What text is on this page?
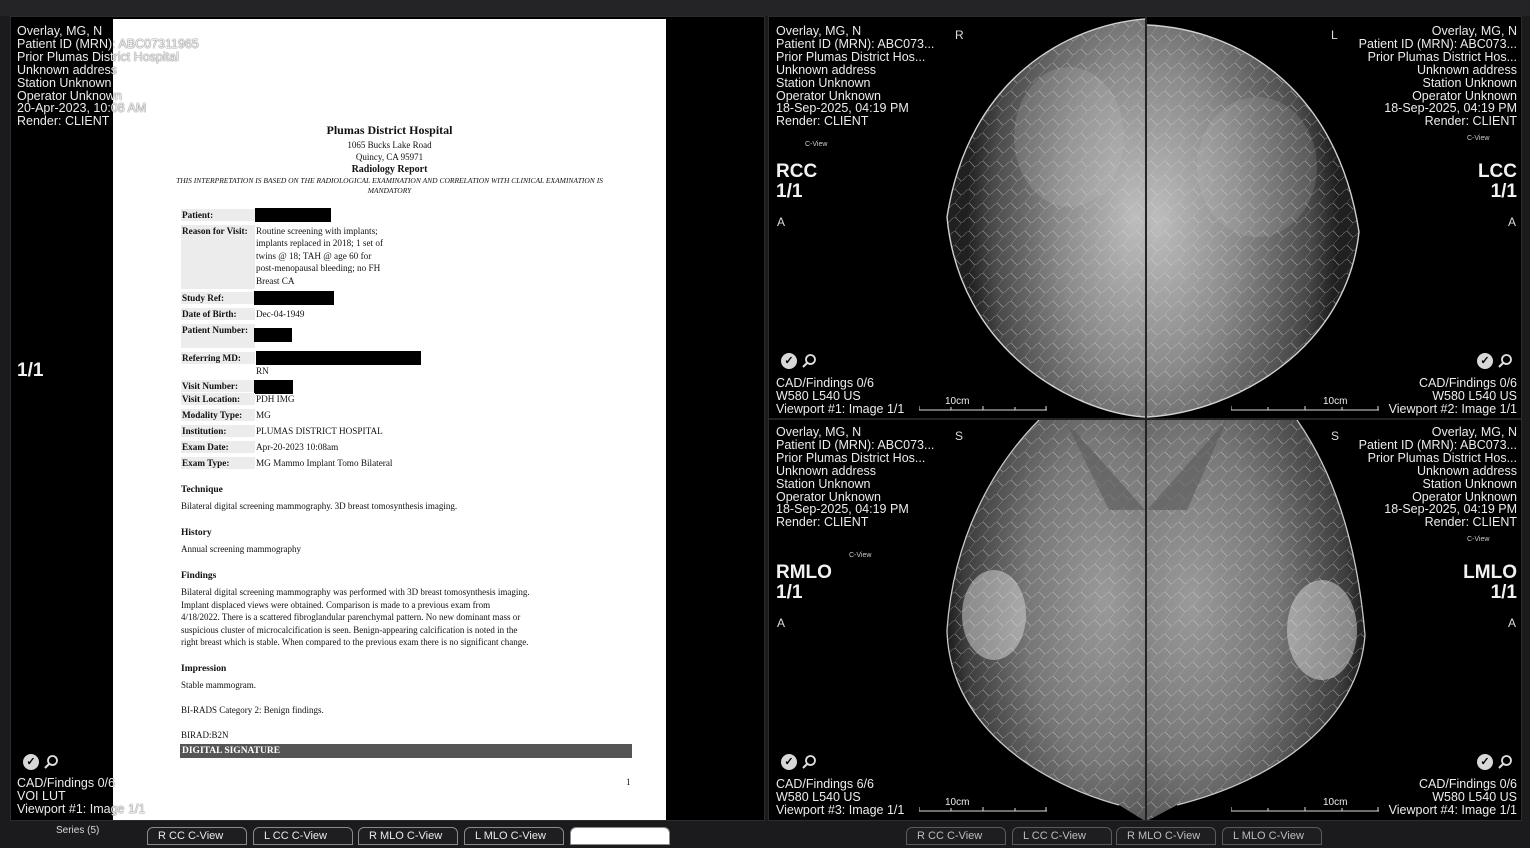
Plumas District Hospital
1065 Bucks Lake Road
Quincy, CA 95971
Radiology Report
THIS INTERPRETATION IS BASED ON THE RADIOLOGICAL EXAMINATION AND CORRELATION WITH CLINICAL EXAMINATION IS MANDATORY
Patient:
Reason for Visit: Routine screening with implants;
implants replaced in 2018; 1 set of
twins @ 18; TAH @ age 60 for
post-menopausal bleeding; no FH
Breast CA
Study Ref:
Date of Birth:	Dec-04-1949
Patient Number:
Referring MD:
RN
Visit Number:
Visit Location:	PDH IMG
Modality Type:	MG
Institution:	PLUMAS DISTRICT HOSPITAL
Exam Date:	Apr-20-2023 10:08am
Exam Type:	MG Mammo Implant Tomo Bilateral
Technique
Bilateral digital screening mammography. 3D breast tomosynthesis imaging.
History
Annual screening mammography
Findings
Bilateral digital screening mammography was performed with 3D breast tomosynthesis imaging.
Implant displaced views were obtained. Comparison is made to a previous exam from
4/18/2022. There is a scattered fibroglandular parenchymal pattern. No new dominant mass or
suspicious cluster of microcalcification is seen. Benign-appearing calcification is noted in the
right breast which is stable. When compared to the previous exam there is no significant change.
Impression
Stable mammogram.
BI-RADS Category 2: Benign findings.
BIRAD:B2N
DIGITAL SIGNATURE
1
Overlay, MG, N
Patient ID (MRN): ABC07311965
Prior Plumas District Hospital
Unknown address
Station Unknown
Operator Unknown
20-Apr-2023, 10:08 AM
Render: CLIENT
1/1
✓
CAD/Findings 0/6
VOI LUT
Viewport #1: Image 1/1
Overlay, MG, N
Patient ID (MRN): ABC073...
Prior Plumas District Hos...
Unknown address
Station Unknown
Operator Unknown
18-Sep-2025, 04:19 PM
Render: CLIENT
R
C-View
RCC
1/1
A
✓
CAD/Findings 0/6
W580 L540 US
Viewport #1: Image 1/1
10cm
Overlay, MG, N
Patient ID (MRN): ABC073...
Prior Plumas District Hos...
Unknown address
Station Unknown
Operator Unknown
18-Sep-2025, 04:19 PM
Render: CLIENT
L
C-View
LCC
1/1
A
✓
CAD/Findings 0/6
W580 L540 US
Viewport #2: Image 1/1
10cm
Overlay, MG, N
Patient ID (MRN): ABC073...
Prior Plumas District Hos...
Unknown address
Station Unknown
Operator Unknown
18-Sep-2025, 04:19 PM
Render: CLIENT
S
C-View
RMLO
1/1
A
✓
CAD/Findings 6/6
W580 L540 US
Viewport #3: Image 1/1
10cm
Overlay, MG, N
Patient ID (MRN): ABC073...
Prior Plumas District Hos...
Unknown address
Station Unknown
Operator Unknown
18-Sep-2025, 04:19 PM
Render: CLIENT
S
C-View
LMLO
1/1
A
✓
CAD/Findings 0/6
W580 L540 US
Viewport #4: Image 1/1
10cm
Series (5)	R CC C-View	L CC C-View	R MLO C-View	L MLO C-View	R CC C-View	L CC C-View	R MLO C-View	L MLO C-View
